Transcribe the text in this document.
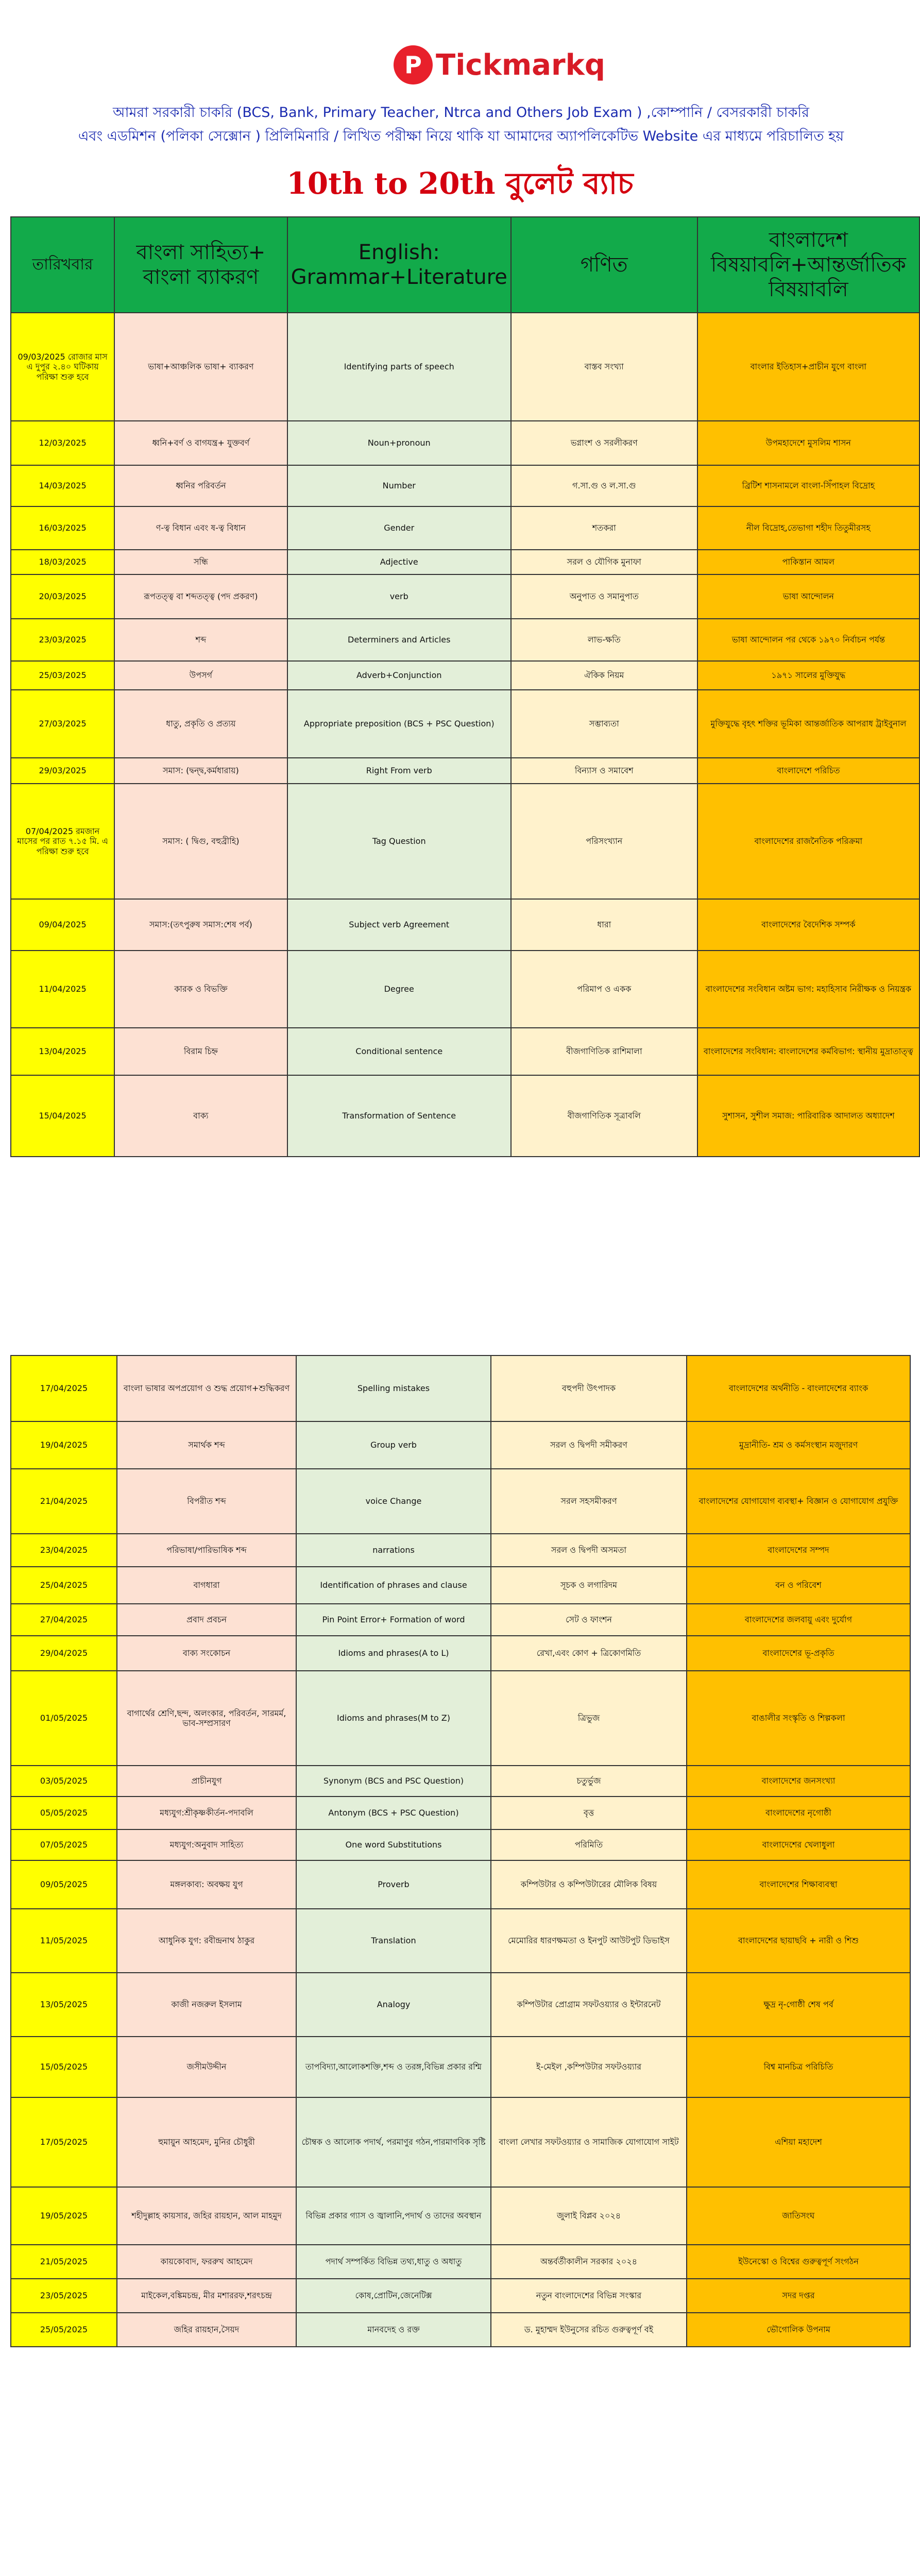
P Tickmarkq
আমরা সরকারী চাকরি (BCS, Bank, Primary Teacher, Ntrca and Others Job Exam ) ,কোম্পানি / বেসরকারী চাকরি
এবং এডমিশন (পলিকা সেক্সোন ) প্রিলিমিনারি / লিখিত পরীক্ষা নিয়ে থাকি যা আমাদের অ্যাপলিকেটিভ Website এর মাধ্যমে পরিচালিত হয়
10th to 20th বুলেট ব্যাচ
তারিখবার	বাংলা সাহিত্য+ বাংলা ব্যাকরণ	English: Grammar+Literature	গণিত	বাংলাদেশ বিষয়াবলি+আন্তর্জাতিক বিষয়াবলি
09/03/2025 রোজার মাস এ দুপুর ২.৪০ ঘটিকায় পরিক্ষা শুরু হবে	ভাষা+আঞ্চলিক ভাষা+ ব্যাকরণ	Identifying parts of speech	বাস্তব সংখ্যা	বাংলার ইতিহাস+প্রাচীন যুগে বাংলা
12/03/2025	ধ্বনি+বর্ণ ও বাগযন্ত্র+ যুক্তবর্ণ	Noun+pronoun	ভগ্নাংশ ও সরলীকরণ	উপমহাদেশে মুসলিম শাসন
14/03/2025	ধ্বনির পরিবর্তন	Number	গ.সা.গু ও ল.সা.গু	ব্রিটিশ শাসনামলে বাংলা-সিঁপাহল বিদ্রোহ
16/03/2025	ণ-ত্ব বিধান এবং ষ-ত্ব বিধান	Gender	শতকরা	নীল বিদ্রোহ,তেভাগা শহীদ তিতুমীরসহ
18/03/2025	সন্ধি	Adjective	সরল ও যৌগিক মুনাফা	পাকিস্তান আমল
20/03/2025	রূপতত্ত্ব বা শব্দতত্ত্ব (পদ প্রকরণ)	verb	অনুপাত ও সমানুপাত	ভাষা আন্দোলন
23/03/2025	শব্দ	Determiners and Articles	লাভ-ক্ষতি	ভাষা আন্দোলন পর থেকে ১৯৭০ নির্বাচন পর্যন্ত
25/03/2025	উপসর্গ	Adverb+Conjunction	ঐকিক নিয়ম	১৯৭১ সালের মুক্তিযুদ্ধ
27/03/2025	ধাতু, প্রকৃতি ও প্রত্যয়	Appropriate preposition (BCS + PSC Question)	সম্ভাব্যতা	মুক্তিযুদ্ধে বৃহৎ শক্তির ভূমিকা আন্তর্জাতিক আপরাধ ট্রাইবুনাল
29/03/2025	সমাস: (দ্বন্দ্ব,কর্মধারায়)	Right From verb	বিন্যাস ও সমাবেশ	বাংলাদেশে পরিচিত
07/04/2025 রমজান মাসের পর রাত ৭.১৫ মি. এ পরিক্ষা শুরু হবে	সমাস: ( দ্বিগু, বহুব্রীহি)	Tag Question	পরিসংখ্যান	বাংলাদেশের রাজনৈতিক পরিক্রমা
09/04/2025	সমাস:(তৎপুরুষ সমাস:শেষ পর্ব)	Subject verb Agreement	ধারা	বাংলাদেশের বৈদেশিক সম্পর্ক
11/04/2025	কারক ও বিভক্তি	Degree	পরিমাপ ও একক	বাংলাদেশের সংবিধান অষ্টম ভাগ: মহাহিসাব নিরীক্ষক ও নিয়ন্ত্রক
13/04/2025	বিরাম চিহ্ন	Conditional sentence	বীজগাণিতিক রাশিমালা	বাংলাদেশের সংবিধান: বাংলাদেশের কর্মবিভাগ: স্থানীয় মুদ্রাতাত্ত্ব
15/04/2025	বাক্য	Transformation of Sentence	বীজগাণিতিক সূত্রাবলি	সুশাসন, সুশীল সমাজ: পারিবারিক আদালত অধ্যাদেশ
17/04/2025	বাংলা ভাষার অপপ্রয়োগ ও শুদ্ধ প্রয়োগ+শুদ্ধিকরণ	Spelling mistakes	বহুপদী উৎপাদক	বাংলাদেশের অর্থনীতি - বাংলাদেশের ব্যাংক
19/04/2025	সমার্থক শব্দ	Group verb	সরল ও দ্বিপদী সমীকরণ	মুদ্রানীতি- শ্রম ও কর্মসংস্থান মজুদারণ
21/04/2025	বিপরীত শব্দ	voice Change	সরল সহসমীকরণ	বাংলাদেশের যোগাযোগ ব্যবস্থা+ বিজ্ঞান ও যোগাযোগ প্রযুক্তি
23/04/2025	পরিভাষা/পারিভাষিক শব্দ	narrations	সরল ও দ্বিপদী অসমতা	বাংলাদেশের সম্পদ
25/04/2025	বাগধারা	Identification of phrases and clause	সূচক ও লগারিদম	বন ও পরিবেশ
27/04/2025	প্রবাদ প্রবচন	Pin Point Error+ Formation of word	সেট ও ফাংশন	বাংলাদেশের জলবায়ু এবং দুর্যোগ
29/04/2025	বাক্য সংকোচন	Idioms and phrases(A to L)	রেখা,এবং কোণ + ত্রিকোণমিতি	বাংলাদেশের ভূ-প্রকৃতি
01/05/2025	বাগার্থের শ্রেণি,ছন্দ, অলংকার, পরিবর্তন, সারমর্ম, ভাব-সম্প্রসারণ	Idioms and phrases(M to Z)	ত্রিভুজ	বাঙালীর সংস্কৃতি ও শিল্পকলা
03/05/2025	প্রাচীনযুগ	Synonym (BCS and PSC Question)	চতুর্ভুজ	বাংলাদেশের জনসংখ্যা
05/05/2025	মধ্যযুগ:শ্রীকৃষ্ণকীর্তন-পদাবলি	Antonym (BCS + PSC Question)	বৃত্ত	বাংলাদেশের নৃগোষ্ঠী
07/05/2025	মধ্যযুগ:অনুবাদ সাহিত্য	One word Substitutions	পরিমিতি	বাংলাদেশের খেলাধুলা
09/05/2025	মঙ্গলকাব্য: অবক্ষয় যুগ	Proverb	কম্পিউটার ও কম্পিউটারের মৌলিক বিষয়	বাংলাদেশের শিক্ষাব্যবস্থা
11/05/2025	আধুনিক যুগ: রবীন্দ্রনাথ ঠাকুর	Translation	মেমোরির ধারণক্ষমতা ও ইনপুট আউটপুট ডিভাইস	বাংলাদেশের ছায়াছবি + নারী ও শিশু
13/05/2025	কাজী নজরুল ইসলাম	Analogy	কম্পিউটার প্রোগ্রাম সফটওয়্যার ও ইন্টারনেট	ক্ষুদ্র নৃ-গোষ্ঠী শেষ পর্ব
15/05/2025	জসীমউদ্দীন	তাপবিদ্যা,আলোকশক্তি,শব্দ ও তরঙ্গ,বিভিন্ন প্রকার রশ্মি	ই-মেইল ,কম্পিউটার সফটওয়্যার	বিশ্ব মানচিত্র পরিচিতি
17/05/2025	হুমায়ুন আহমেদ, মুনির চৌধুরী	চৌম্বক ও আলোক পদার্থ, পরমাণুর গঠন,পারমাণবিক সৃষ্টি	বাংলা লেখার সফটওয়্যার ও সামাজিক যোগাযোগ সাইট	এশিয়া মহাদেশ
19/05/2025	শহীদুল্লাহ কায়সার, জহির রায়হান, আল মাহমুদ	বিভিন্ন প্রকার গ্যাস ও জ্বালানি,পদার্থ ও তাদের অবস্থান	জুলাই বিপ্লব ২০২৪	জাতিসংঘ
21/05/2025	কায়কোবাদ, ফররুখ আহমেদ	পদার্থ সম্পর্কিত বিভিন্ন তথ্য,ধাতু ও অধাতু	অন্তর্বর্তীকালীন সরকার ২০২৪	ইউনেস্কো ও বিশ্বের গুরুত্বপূর্ণ সংগঠন
23/05/2025	মাইকেল,বঙ্কিমচন্দ্র, মীর মশাররফ,শরৎচন্দ্র	কোষ,প্রোটিন,জেনেটিক্স	নতুন বাংলাদেশের বিভিন্ন সংস্কার	সদর দপ্তর
25/05/2025	জহির রায়হান,সৈয়দ	মানবদেহ ও রক্ত	ড. মুহাম্মদ ইউনুসের রচিত গুরুত্বপূর্ণ বই	ভৌগোলিক উপনাম
